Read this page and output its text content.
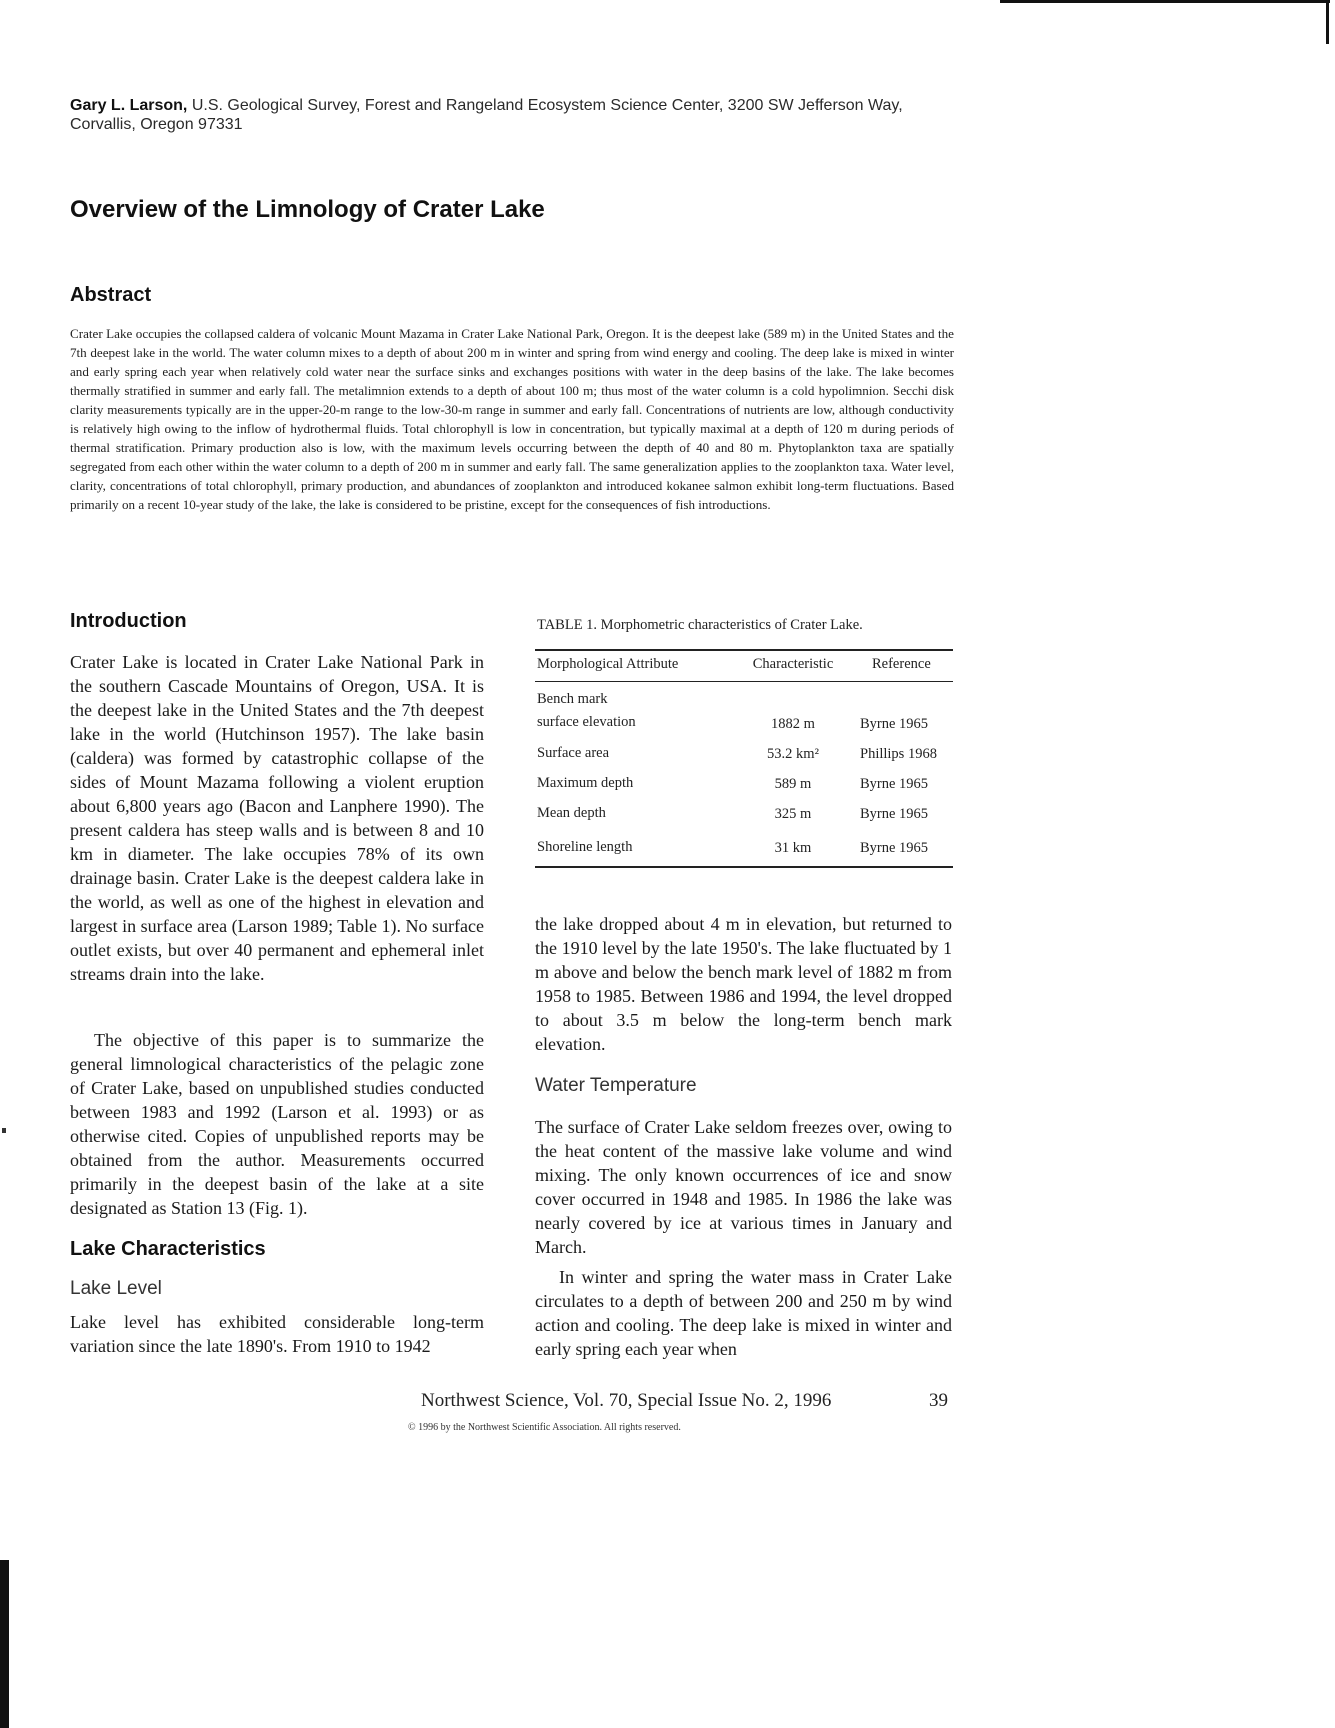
Gary L. Larson, U.S. Geological Survey, Forest and Rangeland Ecosystem Science Center, 3200 SW Jefferson Way,
Corvallis, Oregon 97331
Overview of the Limnology of Crater Lake
Abstract

Crater Lake occupies the collapsed caldera of volcanic Mount Mazama in Crater Lake National Park, Oregon. It is the deepest lake (589 m) in the United States and the 7th deepest lake in the world. The water column mixes to a depth of about 200 m in winter and spring from wind energy and cooling. The deep lake is mixed in winter and early spring each year when relatively cold water near the surface sinks and exchanges positions with water in the deep basins of the lake. The lake becomes thermally stratified in summer and early fall. The metalimnion extends to a depth of about 100 m; thus most of the water column is a cold hypolimnion. Secchi disk clarity measurements typically are in the upper-20-m range to the low-30-m range in summer and early fall. Concentrations of nutrients are low, although conductivity is relatively high owing to the inflow of hydrothermal fluids. Total chlorophyll is low in concentration, but typically maximal at a depth of 120 m during periods of thermal stratification. Primary production also is low, with the maximum levels occurring between the depth of 40 and 80 m. Phytoplankton taxa are spatially segregated from each other within the water column to a depth of 200 m in summer and early fall. The same generalization applies to the zooplankton taxa. Water level, clarity, concentrations of total chlorophyll, primary production, and abundances of zooplankton and introduced kokanee salmon exhibit long-term fluctuations. Based primarily on a recent 10-year study of the lake, the lake is considered to be pristine, except for the consequences of fish introductions.

Introduction

Crater Lake is located in Crater Lake National Park in the southern Cascade Mountains of Oregon, USA. It is the deepest lake in the United States and the 7th deepest lake in the world (Hutchinson 1957). The lake basin (caldera) was formed by catastrophic collapse of the sides of Mount Mazama following a violent eruption about 6,800 years ago (Bacon and Lanphere 1990). The present caldera has steep walls and is between 8 and 10 km in diameter. The lake occupies 78% of its own drainage basin. Crater Lake is the deepest caldera lake in the world, as well as one of the highest in elevation and largest in surface area (Larson 1989; Table 1). No surface outlet exists, but over 40 permanent and ephemeral inlet streams drain into the lake.

The objective of this paper is to summarize the general limnological characteristics of the pelagic zone of Crater Lake, based on unpublished studies conducted between 1983 and 1992 (Larson et al. 1993) or as otherwise cited. Copies of unpublished reports may be obtained from the author. Measurements occurred primarily in the deepest basin of the lake at a site designated as Station 13 (Fig. 1).

Lake Characteristics
Lake Level

Lake level has exhibited considerable long-term variation since the late 1890's. From 1910 to 1942

TABLE 1. Morphometric characteristics of Crater Lake.

Morphological Attribute	Characteristic	Reference
Bench mark
surface elevation	1882 m	Byrne 1965
Surface area	53.2 km²	Phillips 1968
Maximum depth	589 m	Byrne 1965
Mean depth	325 m	Byrne 1965
Shoreline length	31 km	Byrne 1965

the lake dropped about 4 m in elevation, but returned to the 1910 level by the late 1950's. The lake fluctuated by 1 m above and below the bench mark level of 1882 m from 1958 to 1985. Between 1986 and 1994, the level dropped to about 3.5 m below the long-term bench mark elevation.

Water Temperature

The surface of Crater Lake seldom freezes over, owing to the heat content of the massive lake volume and wind mixing. The only known occurrences of ice and snow cover occurred in 1948 and 1985. In 1986 the lake was nearly covered by ice at various times in January and March.

In winter and spring the water mass in Crater Lake circulates to a depth of between 200 and 250 m by wind action and cooling. The deep lake is mixed in winter and early spring each year when

Northwest Science, Vol. 70, Special Issue No. 2, 1996	39

© 1996 by the Northwest Scientific Association. All rights reserved.
